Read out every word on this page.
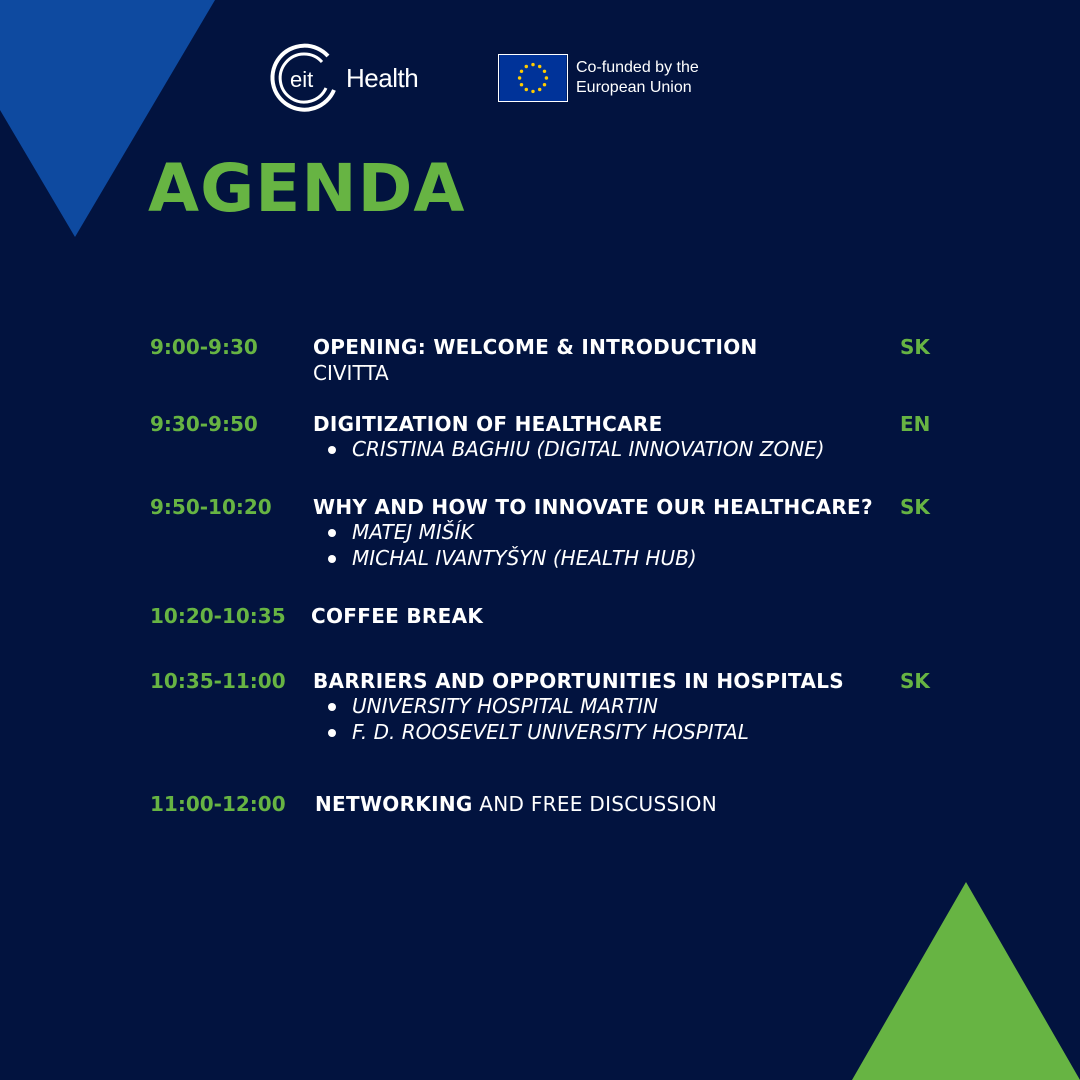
eit Health	Co-funded by the
European Union
AGENDA
9:00-9:30	OPENING: WELCOME & INTRODUCTION	SK
CIVITTA
9:30-9:50	DIGITIZATION OF HEALTHCARE	EN
CRISTINA BAGHIU (DIGITAL INNOVATION ZONE)
9:50-10:20 WHY AND HOW TO INNOVATE OUR HEALTHCARE? SK
MATEJ MIŠÍK
MICHAL IVANTYŠYN (HEALTH HUB)
10:20-10:35 COFFEE BREAK
10:35-11:00 BARRIERS AND OPPORTUNITIES IN HOSPITALS	SK
UNIVERSITY HOSPITAL MARTIN
F. D. ROOSEVELT UNIVERSITY HOSPITAL
11:00-12:00 NETWORKING AND FREE DISCUSSION
